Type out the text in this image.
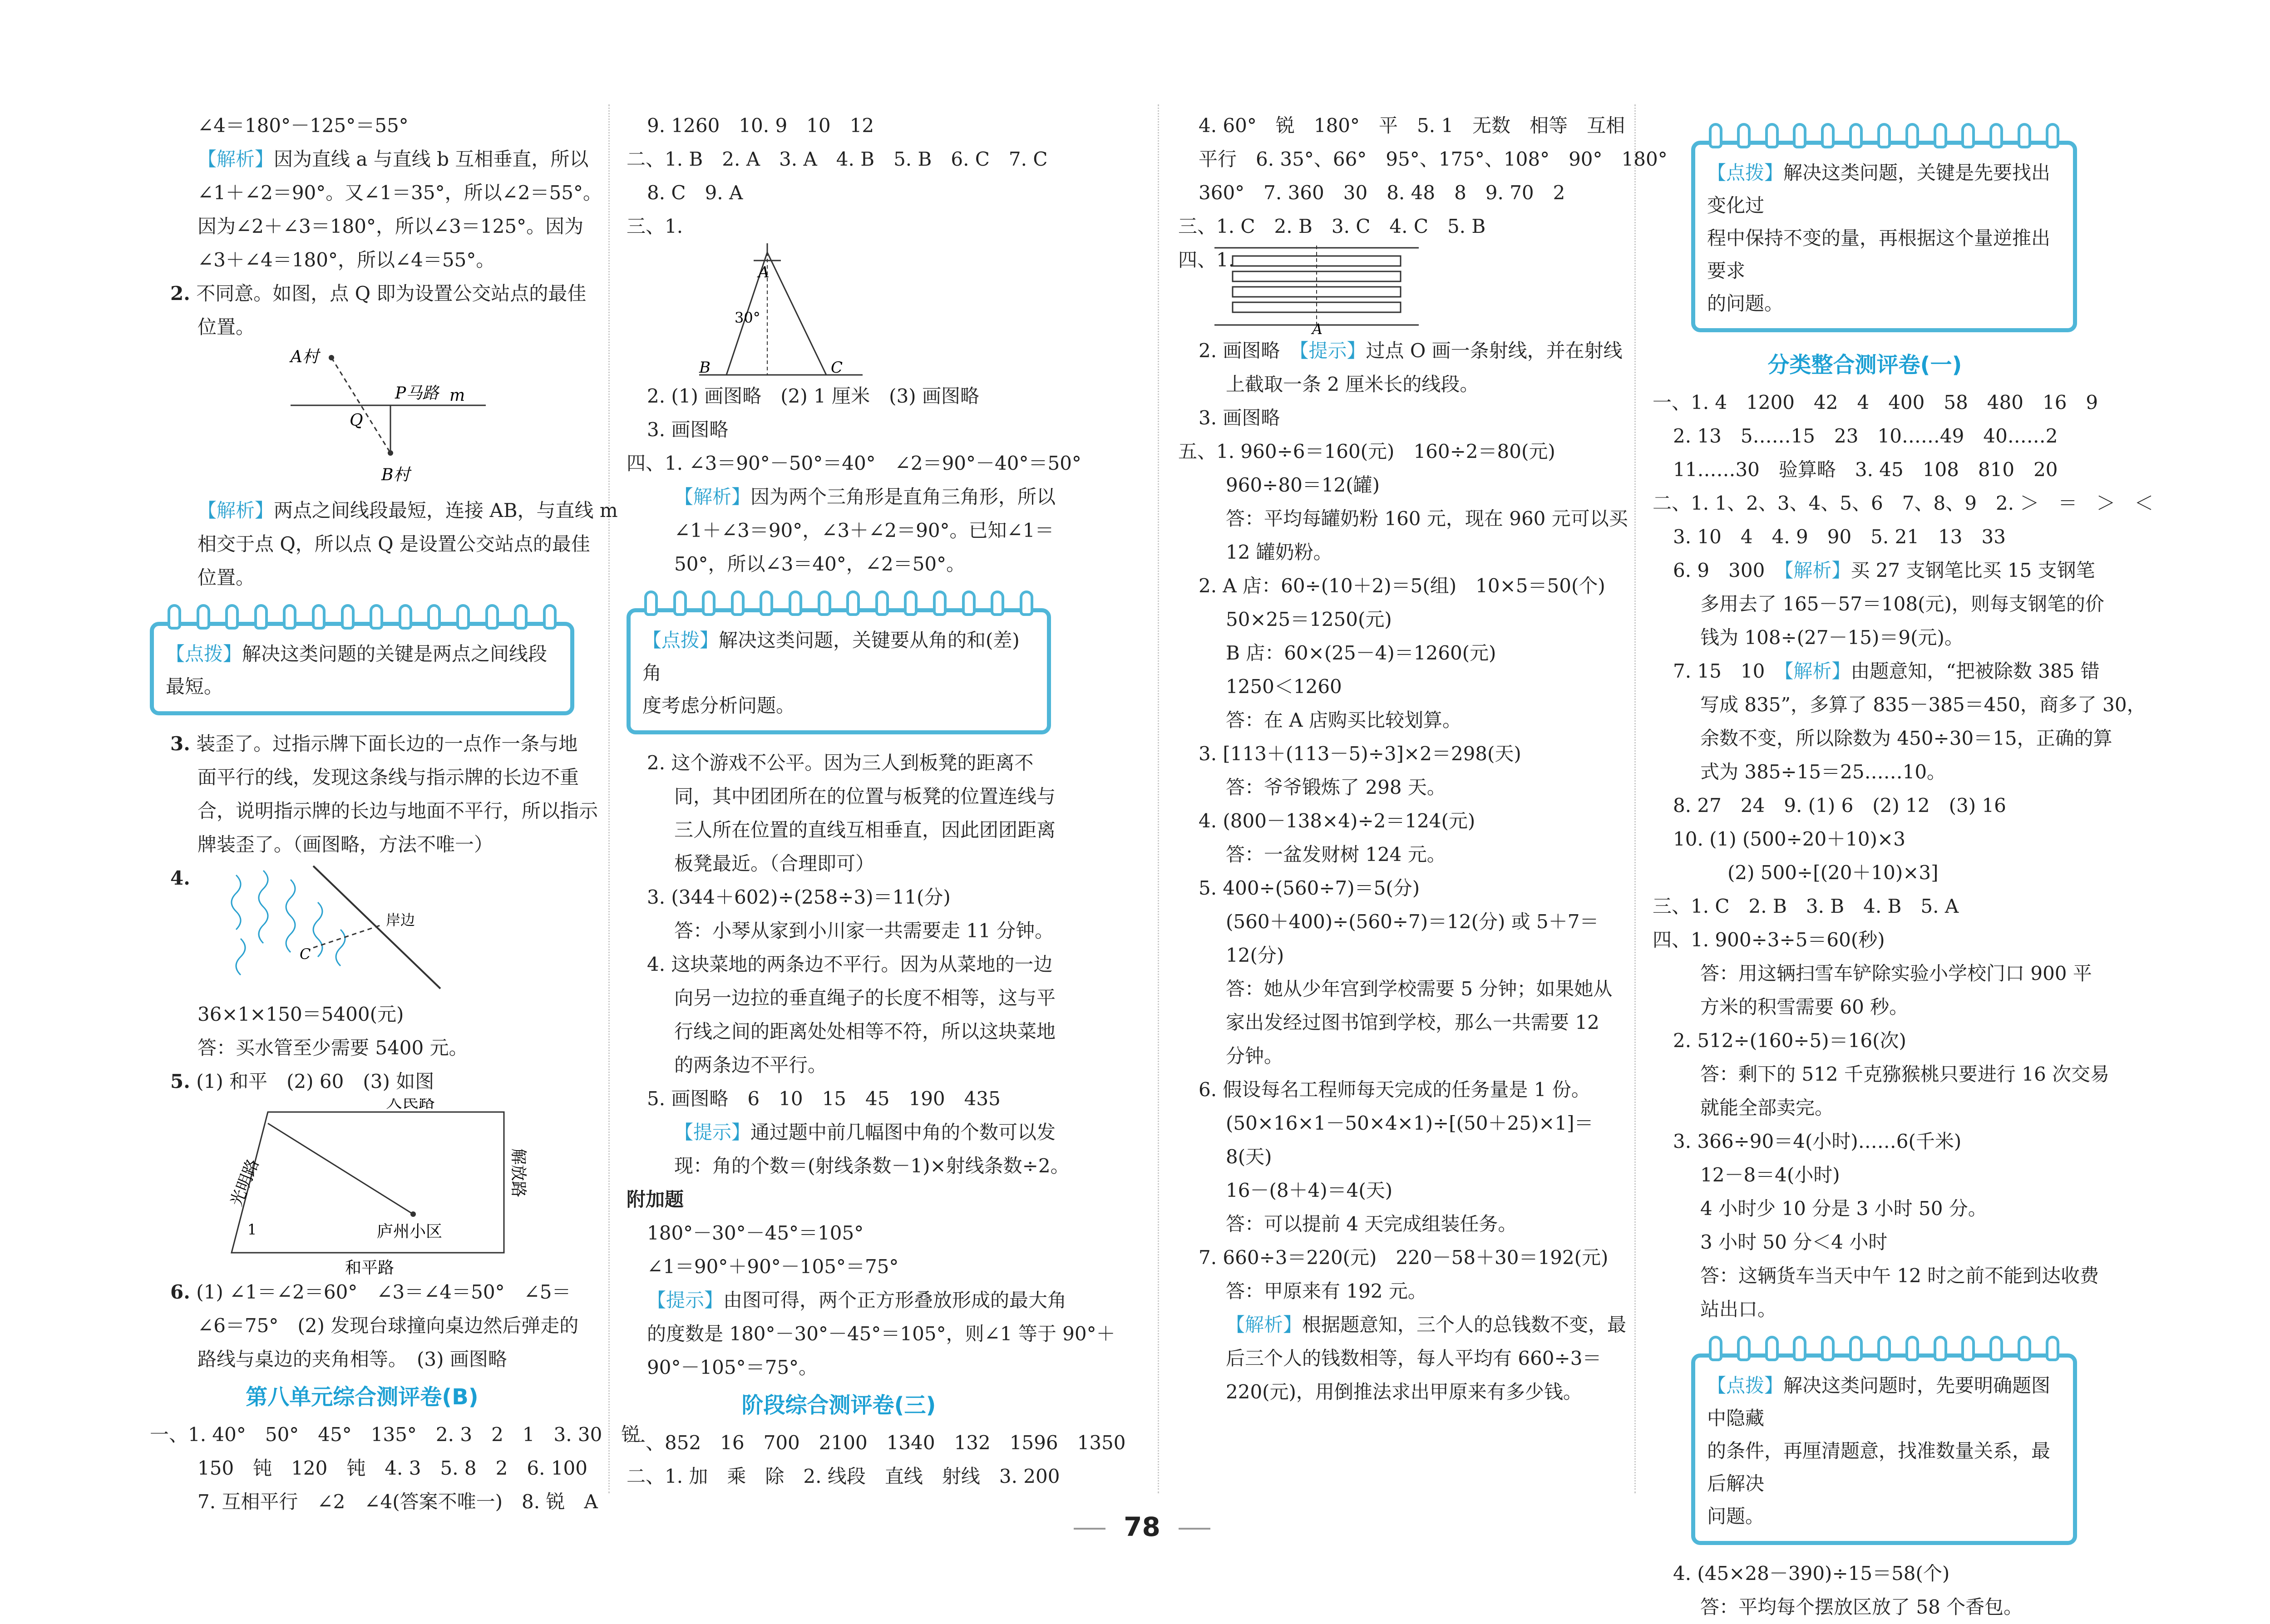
∠4＝180°－125°＝55°
【解析】因为直线 a 与直线 b 互相垂直，所以
∠1＋∠2＝90°。又∠1＝35°，所以∠2＝55°。
因为∠2＋∠3＝180°，所以∠3＝125°。因为
∠3＋∠4＝180°，所以∠4＝55°。
2. 不同意。如图，点 Q 即为设置公交站点的最佳
位置。
A村
P马路 m
Q
B村
【解析】两点之间线段最短，连接 AB，与直线 m
相交于点 Q，所以点 Q 是设置公交站点的最佳
位置。
【点拨】解决这类问题的关键是两点之间线段
最短。
3. 装歪了。过指示牌下面长边的一点作一条与地
面平行的线，发现这条线与指示牌的长边不重
合，说明指示牌的长边与地面不平行，所以指示
牌装歪了。（画图略，方法不唯一）
4.
岸边
C
36×1×150＝5400(元)
答：买水管至少需要 5400 元。
5. (1) 和平　(2) 60　(3) 如图
人民路
光明路	解放路
和平路
庐州小区
1
6. (1) ∠1＝∠2＝60°　∠3＝∠4＝50°　∠5＝
∠6＝75°　(2) 发现台球撞向桌边然后弹走的
路线与桌边的夹角相等。　(3) 画图略
第八单元综合测评卷(B)
一、1. 40°　50°　45°　135°　2. 3　2　1　3. 30　锐
150　钝　120　钝　4. 3　5. 8　2　6. 100
7. 互相平行　∠2　∠4(答案不唯一)　8. 锐　A
9. 1260　10. 9　10　12
二、1. B　2. A　3. A　4. B　5. B　6. C　7. C
8. C　9. A
三、1.
A
B	C
30°
2. (1) 画图略　(2) 1 厘米　(3) 画图略
3. 画图略
四、1. ∠3＝90°－50°＝40°　∠2＝90°－40°＝50°
【解析】因为两个三角形是直角三角形，所以
∠1＋∠3＝90°，∠3＋∠2＝90°。已知∠1＝
50°，所以∠3＝40°，∠2＝50°。
【点拨】解决这类问题，关键要从角的和(差)角
度考虑分析问题。
2. 这个游戏不公平。因为三人到板凳的距离不
同，其中团团所在的位置与板凳的位置连线与
三人所在位置的直线互相垂直，因此团团距离
板凳最近。（合理即可）
3. (344＋602)÷(258÷3)＝11(分)
答：小琴从家到小川家一共需要走 11 分钟。
4. 这块菜地的两条边不平行。因为从菜地的一边
向另一边拉的垂直绳子的长度不相等，这与平
行线之间的距离处处相等不符，所以这块菜地
的两条边不平行。
5. 画图略　6　10　15　45　190　435
【提示】通过题中前几幅图中角的个数可以发
现：角的个数＝(射线条数－1)×射线条数÷2。
附加题
180°－30°－45°＝105°
∠1＝90°＋90°－105°＝75°
【提示】由图可得，两个正方形叠放形成的最大角
的度数是 180°－30°－45°＝105°，则∠1 等于 90°＋
90°－105°＝75°。
阶段综合测评卷(三)
一、852　16　700　2100　1340　132　1596　1350
二、1. 加　乘　除　2. 线段　直线　射线　3. 200
4. 60°　锐　180°　平　5. 1　无数　相等　互相
平行　6. 35°、66°　95°、175°、108°　90°　180°
360°　7. 360　30　8. 48　8　9. 70　2
三、1. C　2. B　3. C　4. C　5. B
四、1.
A
2. 画图略　 【提示】过点 O 画一条射线，并在射线
上截取一条 2 厘米长的线段。
3. 画图略
五、1. 960÷6＝160(元)　160÷2＝80(元)
960÷80＝12(罐)
答：平均每罐奶粉 160 元，现在 960 元可以买
12 罐奶粉。
2. A 店：60÷(10＋2)＝5(组)　10×5＝50(个)
50×25＝1250(元)
B 店：60×(25－4)＝1260(元)
1250＜1260
答：在 A 店购买比较划算。
3. [113＋(113－5)÷3]×2＝298(天)
答：爷爷锻炼了 298 天。
4. (800－138×4)÷2＝124(元)
答：一盆发财树 124 元。
5. 400÷(560÷7)＝5(分)
(560＋400)÷(560÷7)＝12(分) 或 5＋7＝
12(分)
答：她从少年宫到学校需要 5 分钟；如果她从
家出发经过图书馆到学校，那么一共需要 12
分钟。
6. 假设每名工程师每天完成的任务量是 1 份。
(50×16×1－50×4×1)÷[(50＋25)×1]＝
8(天)
16－(8＋4)＝4(天)
答：可以提前 4 天完成组装任务。
7. 660÷3＝220(元)　220－58＋30＝192(元)
答：甲原来有 192 元。
【解析】根据题意知，三个人的总钱数不变，最
后三个人的钱数相等，每人平均有 660÷3＝
220(元)，用倒推法求出甲原来有多少钱。
【点拨】解决这类问题，关键是先要找出变化过
程中保持不变的量，再根据这个量逆推出要求
的问题。
分类整合测评卷(一)
一、1. 4　1200　42　4　400　58　480　16　9
2. 13　5……15　23　10……49　40……2
11……30　验算略　3. 45　108　810　20
二、1. 1、2、3、4、5、6　7、8、9　2. ＞　＝　＞　＜
3. 10　4　4. 9　90　5. 21　13　33
6. 9　300　 【解析】买 27 支钢笔比买 15 支钢笔
多用去了 165－57＝108(元)，则每支钢笔的价
钱为 108÷(27－15)＝9(元)。
7. 15　10　 【解析】由题意知，“把被除数 385 错
写成 835”，多算了 835－385＝450，商多了 30，
余数不变，所以除数为 450÷30＝15，正确的算
式为 385÷15＝25……10。
8. 27　24　9. (1) 6　(2) 12　(3) 16
10. (1) (500÷20＋10)×3
(2) 500÷[(20＋10)×3]
三、1. C　2. B　3. B　4. B　5. A
四、1. 900÷3÷5＝60(秒)
答：用这辆扫雪车铲除实验小学校门口 900 平
方米的积雪需要 60 秒。
2. 512÷(160÷5)＝16(次)
答：剩下的 512 千克猕猴桃只要进行 16 次交易
就能全部卖完。
3. 366÷90＝4(小时)……6(千米)
12－8＝4(小时)
4 小时少 10 分是 3 小时 50 分。
3 小时 50 分＜4 小时
答：这辆货车当天中午 12 时之前不能到达收费
站出口。
【点拨】解决这类问题时，先要明确题图中隐藏
的条件，再厘清题意，找准数量关系，最后解决
问题。
4. (45×28－390)÷15＝58(个)
答：平均每个摆放区放了 58 个香包。
78
